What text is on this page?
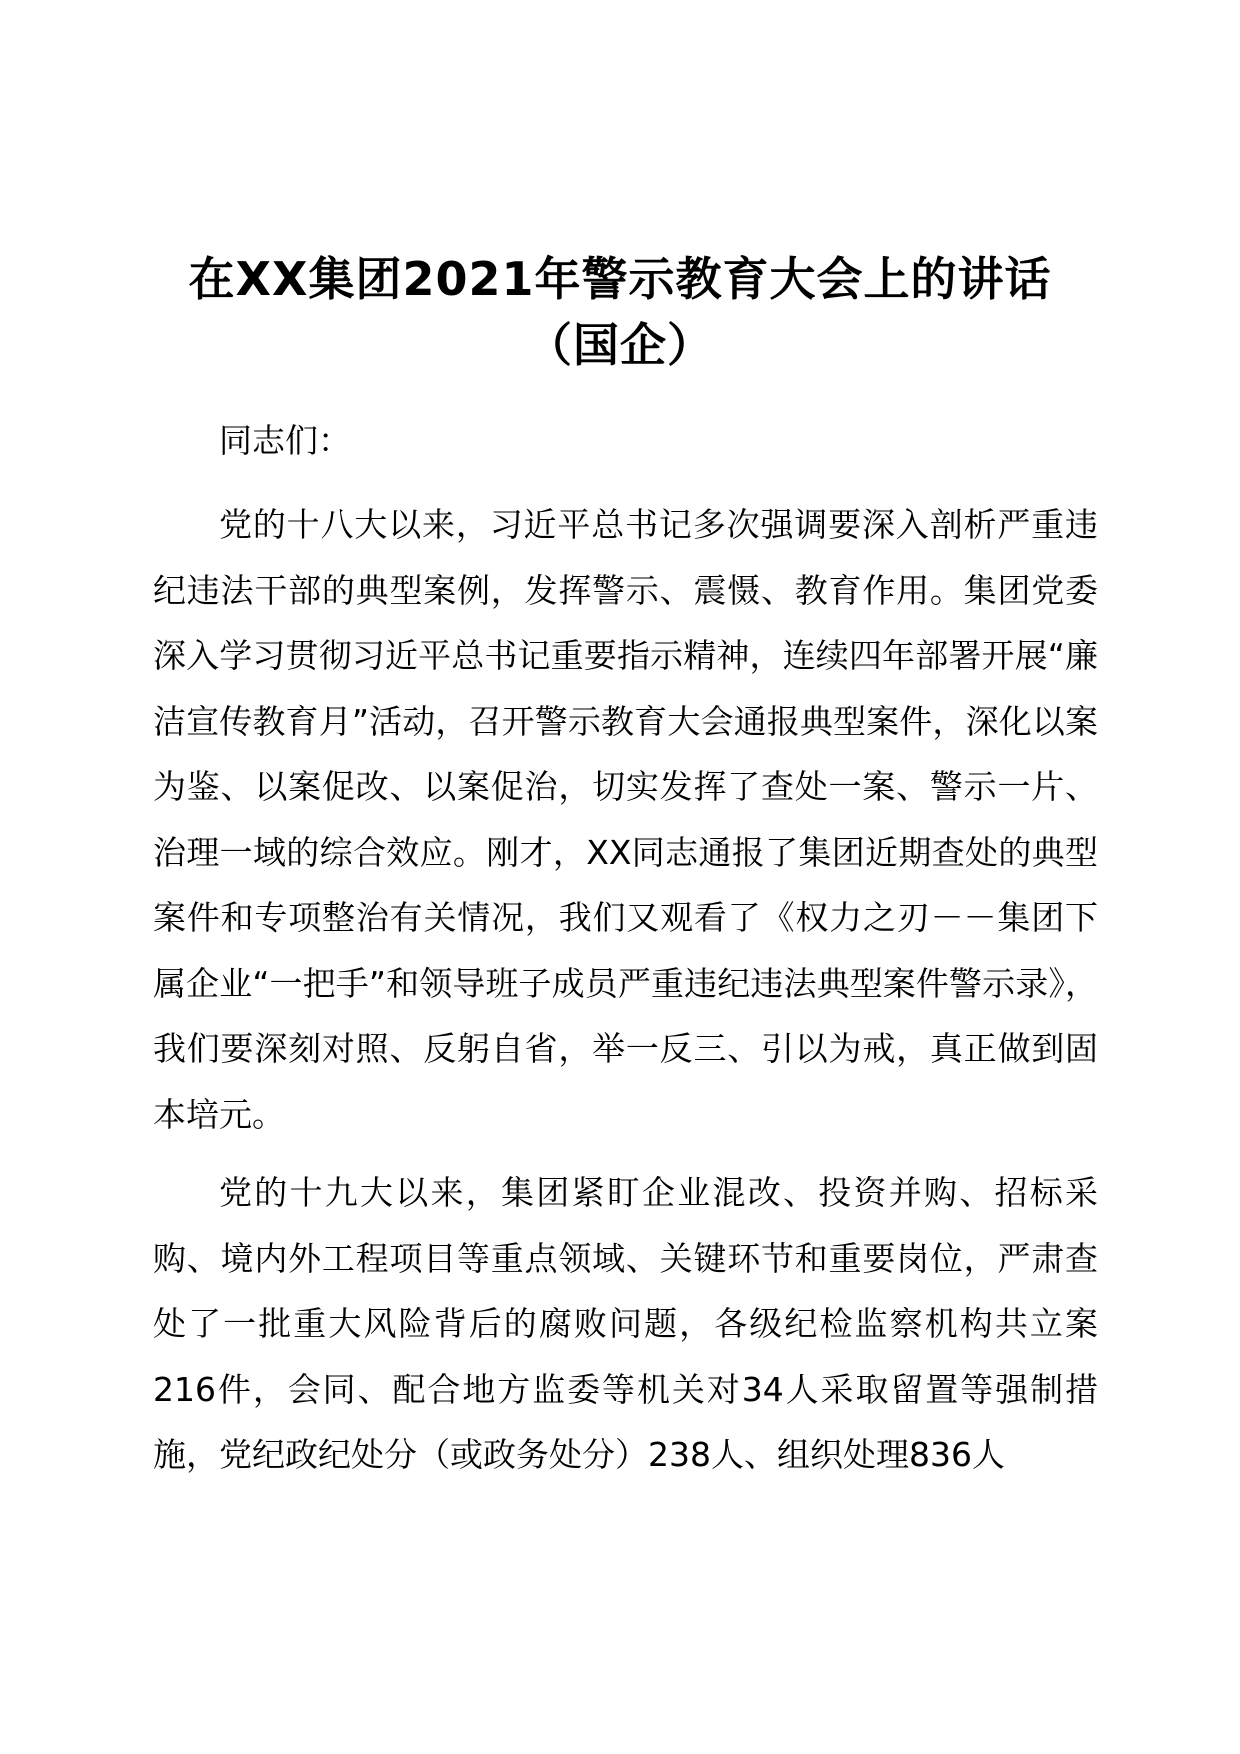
在XX集团2021年警示教育大会上的讲话
（国企）
同志们：
党的十八大以来，习近平总书记多次强调要深入剖析严重违纪违法干部的典型案例，发挥警示、震慑、教育作用。集团党委深入学习贯彻习近平总书记重要指示精神，连续四年部署开展“廉洁宣传教育月”活动，召开警示教育大会通报典型案件，深化以案为鉴、以案促改、以案促治，切实发挥了查处一案、警示一片、治理一域的综合效应。刚才，XX同志通报了集团近期查处的典型案件和专项整治有关情况，我们又观看了《权力之刃－－集团下属企业“一把手”和领导班子成员严重违纪违法典型案件警示录》，我们要深刻对照、反躬自省，举一反三、引以为戒，真正做到固本培元。
党的十九大以来，集团紧盯企业混改、投资并购、招标采购、境内外工程项目等重点领域、关键环节和重要岗位，严肃查处了一批重大风险背后的腐败问题，各级纪检监察机构共立案216件，会同、配合地方监委等机关对34人采取留置等强制措施，党纪政纪处分（或政务处分）238人、组织处理836人
